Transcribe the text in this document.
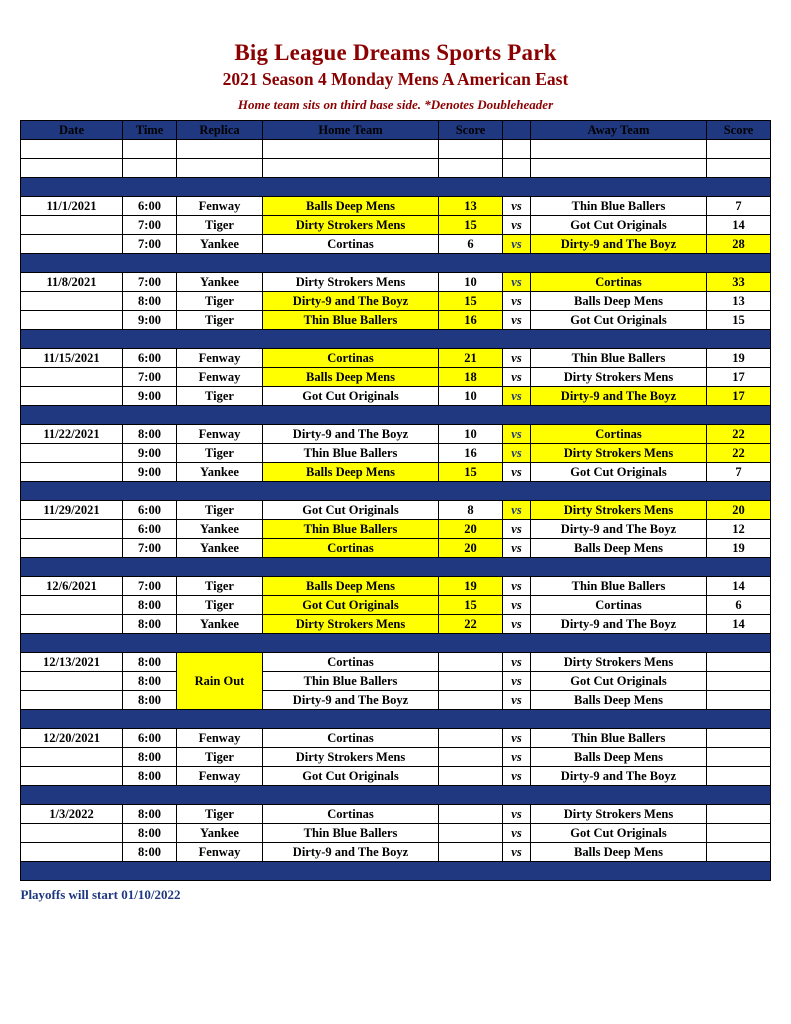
Big League Dreams Sports Park
2021 Season 4 Monday Mens A American East
Home team sits on third base side. *Denotes Doubleheader
Date	Time	Replica	Home Team	Score		Away Team	Score

11/1/2021	6:00	Fenway	Balls Deep Mens	13	vs	Thin Blue Ballers	7
	7:00	Tiger	Dirty Strokers Mens	15	vs	Got Cut Originals	14
	7:00	Yankee	Cortinas	6	vs	Dirty-9 and The Boyz	28

11/8/2021	7:00	Yankee	Dirty Strokers Mens	10	vs	Cortinas	33
	8:00	Tiger	Dirty-9 and The Boyz	15	vs	Balls Deep Mens	13
	9:00	Tiger	Thin Blue Ballers	16	vs	Got Cut Originals	15

11/15/2021	6:00	Fenway	Cortinas	21	vs	Thin Blue Ballers	19
	7:00	Fenway	Balls Deep Mens	18	vs	Dirty Strokers Mens	17
	9:00	Tiger	Got Cut Originals	10	vs	Dirty-9 and The Boyz	17

11/22/2021	8:00	Fenway	Dirty-9 and The Boyz	10	vs	Cortinas	22
	9:00	Tiger	Thin Blue Ballers	16	vs	Dirty Strokers Mens	22
	9:00	Yankee	Balls Deep Mens	15	vs	Got Cut Originals	7

11/29/2021	6:00	Tiger	Got Cut Originals	8	vs	Dirty Strokers Mens	20
	6:00	Yankee	Thin Blue Ballers	20	vs	Dirty-9 and The Boyz	12
	7:00	Yankee	Cortinas	20	vs	Balls Deep Mens	19

12/6/2021	7:00	Tiger	Balls Deep Mens	19	vs	Thin Blue Ballers	14
	8:00	Tiger	Got Cut Originals	15	vs	Cortinas	6
	8:00	Yankee	Dirty Strokers Mens	22	vs	Dirty-9 and The Boyz	14

12/13/2021	8:00	Rain Out	Cortinas		vs	Dirty Strokers Mens	
	8:00		Thin Blue Ballers		vs	Got Cut Originals	
	8:00		Dirty-9 and The Boyz		vs	Balls Deep Mens	

12/20/2021	6:00	Fenway	Cortinas		vs	Thin Blue Ballers	
	8:00	Tiger	Dirty Strokers Mens		vs	Balls Deep Mens	
	8:00	Fenway	Got Cut Originals		vs	Dirty-9 and The Boyz	

1/3/2022	8:00	Tiger	Cortinas		vs	Dirty Strokers Mens	
	8:00	Yankee	Thin Blue Ballers		vs	Got Cut Originals	
	8:00	Fenway	Dirty-9 and The Boyz		vs	Balls Deep Mens	

Playoffs will start 01/10/2022
